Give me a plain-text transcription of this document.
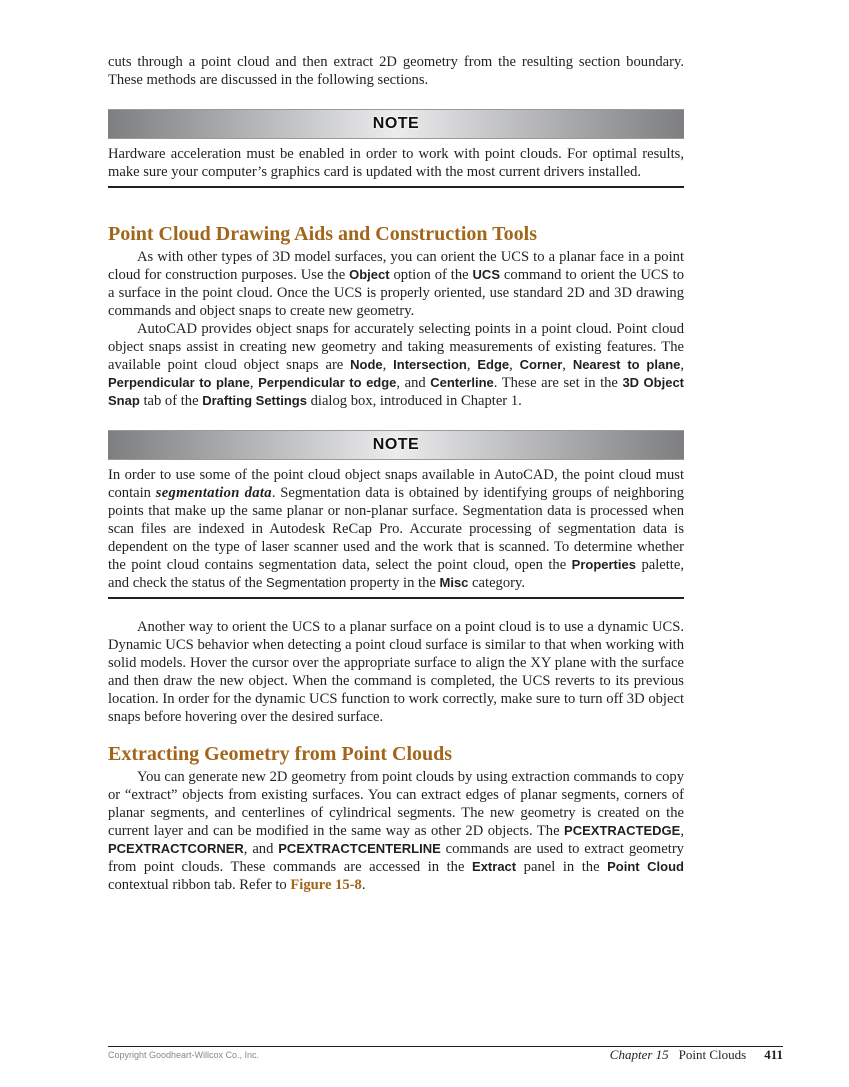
cuts through a point cloud and then extract 2D geometry from the resulting section boundary. These methods are discussed in the following sections.

NOTE

Hardware acceleration must be enabled in order to work with point clouds. For optimal results, make sure your computer’s graphics card is updated with the most current drivers installed.

Point Cloud Drawing Aids and Construction Tools

As with other types of 3D model surfaces, you can orient the UCS to a planar face in a point cloud for construction purposes. Use the Object option of the UCS command to orient the UCS to a surface in the point cloud. Once the UCS is properly oriented, use standard 2D and 3D drawing commands and object snaps to create new geometry.

AutoCAD provides object snaps for accurately selecting points in a point cloud. Point cloud object snaps assist in creating new geometry and taking measurements of existing features. The available point cloud object snaps are Node, Intersection, Edge, Corner, Nearest to plane, Perpendicular to plane, Perpendicular to edge, and Centerline. These are set in the 3D Object Snap tab of the Drafting Settings dialog box, introduced in Chapter 1.

NOTE

In order to use some of the point cloud object snaps available in AutoCAD, the point cloud must contain segmentation data. Segmentation data is obtained by identifying groups of neighboring points that make up the same planar or non-planar surface. Segmentation data is processed when scan files are indexed in Autodesk ReCap Pro. Accurate processing of segmentation data is dependent on the type of laser scanner used and the work that is scanned. To determine whether the point cloud contains segmentation data, select the point cloud, open the Properties palette, and check the status of the Segmentation property in the Misc category.

Another way to orient the UCS to a planar surface on a point cloud is to use a dynamic UCS. Dynamic UCS behavior when detecting a point cloud surface is similar to that when working with solid models. Hover the cursor over the appropriate surface to align the XY plane with the surface and then draw the new object. When the command is completed, the UCS reverts to its previous location. In order for the dynamic UCS function to work correctly, make sure to turn off 3D object snaps before hovering over the desired surface.

Extracting Geometry from Point Clouds

You can generate new 2D geometry from point clouds by using extraction commands to copy or “extract” objects from existing surfaces. You can extract edges of planar segments, corners of planar segments, and centerlines of cylindrical segments. The new geometry is created on the current layer and can be modified in the same way as other 2D objects. The PCEXTRACTEDGE, PCEXTRACTCORNER, and PCEXTRACTCENTERLINE commands are used to extract geometry from point clouds. These commands are accessed in the Extract panel in the Point Cloud contextual ribbon tab. Refer to Figure 15-8.

Copyright Goodheart-Willcox Co., Inc.	Chapter 15 Point Clouds 411
